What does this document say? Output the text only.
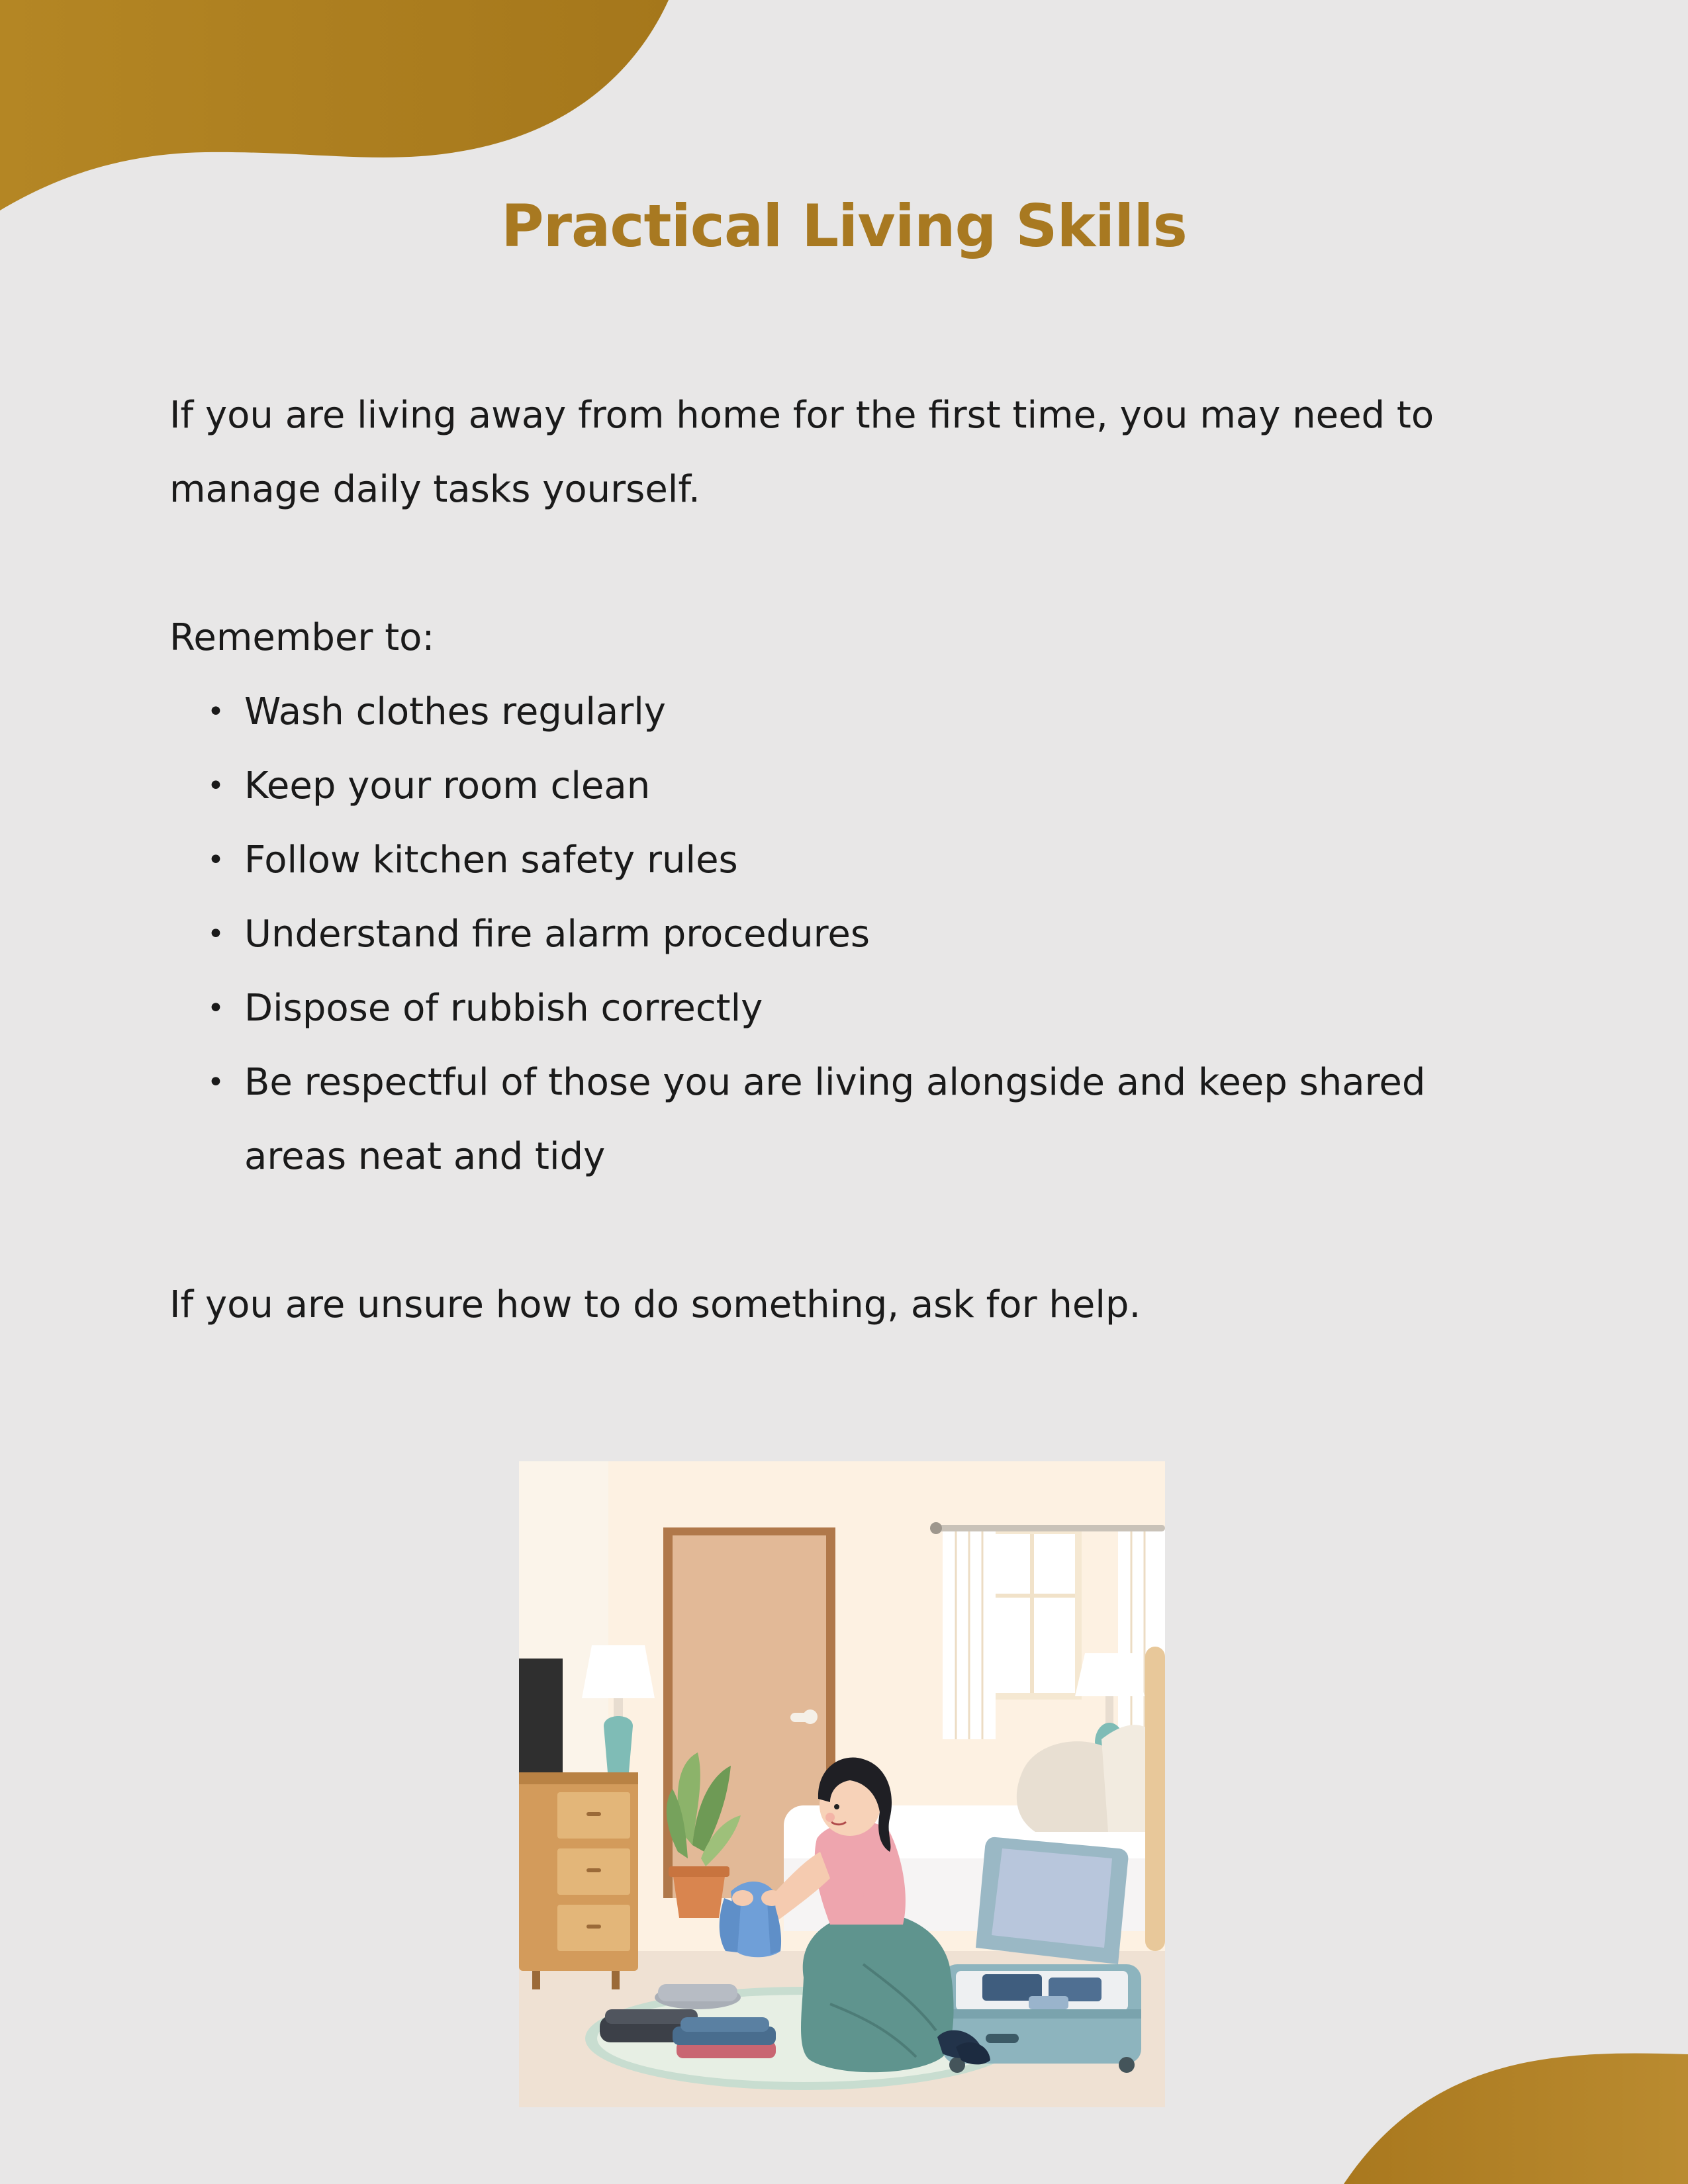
Practical Living Skills

If you are living away from home for the first time, you may need to manage daily tasks yourself.

Remember to:

• Wash clothes regularly
• Keep your room clean
• Follow kitchen safety rules
• Understand fire alarm procedures
• Dispose of rubbish correctly
• Be respectful of those you are living alongside and keep shared areas neat and tidy

If you are unsure how to do something, ask for help.
